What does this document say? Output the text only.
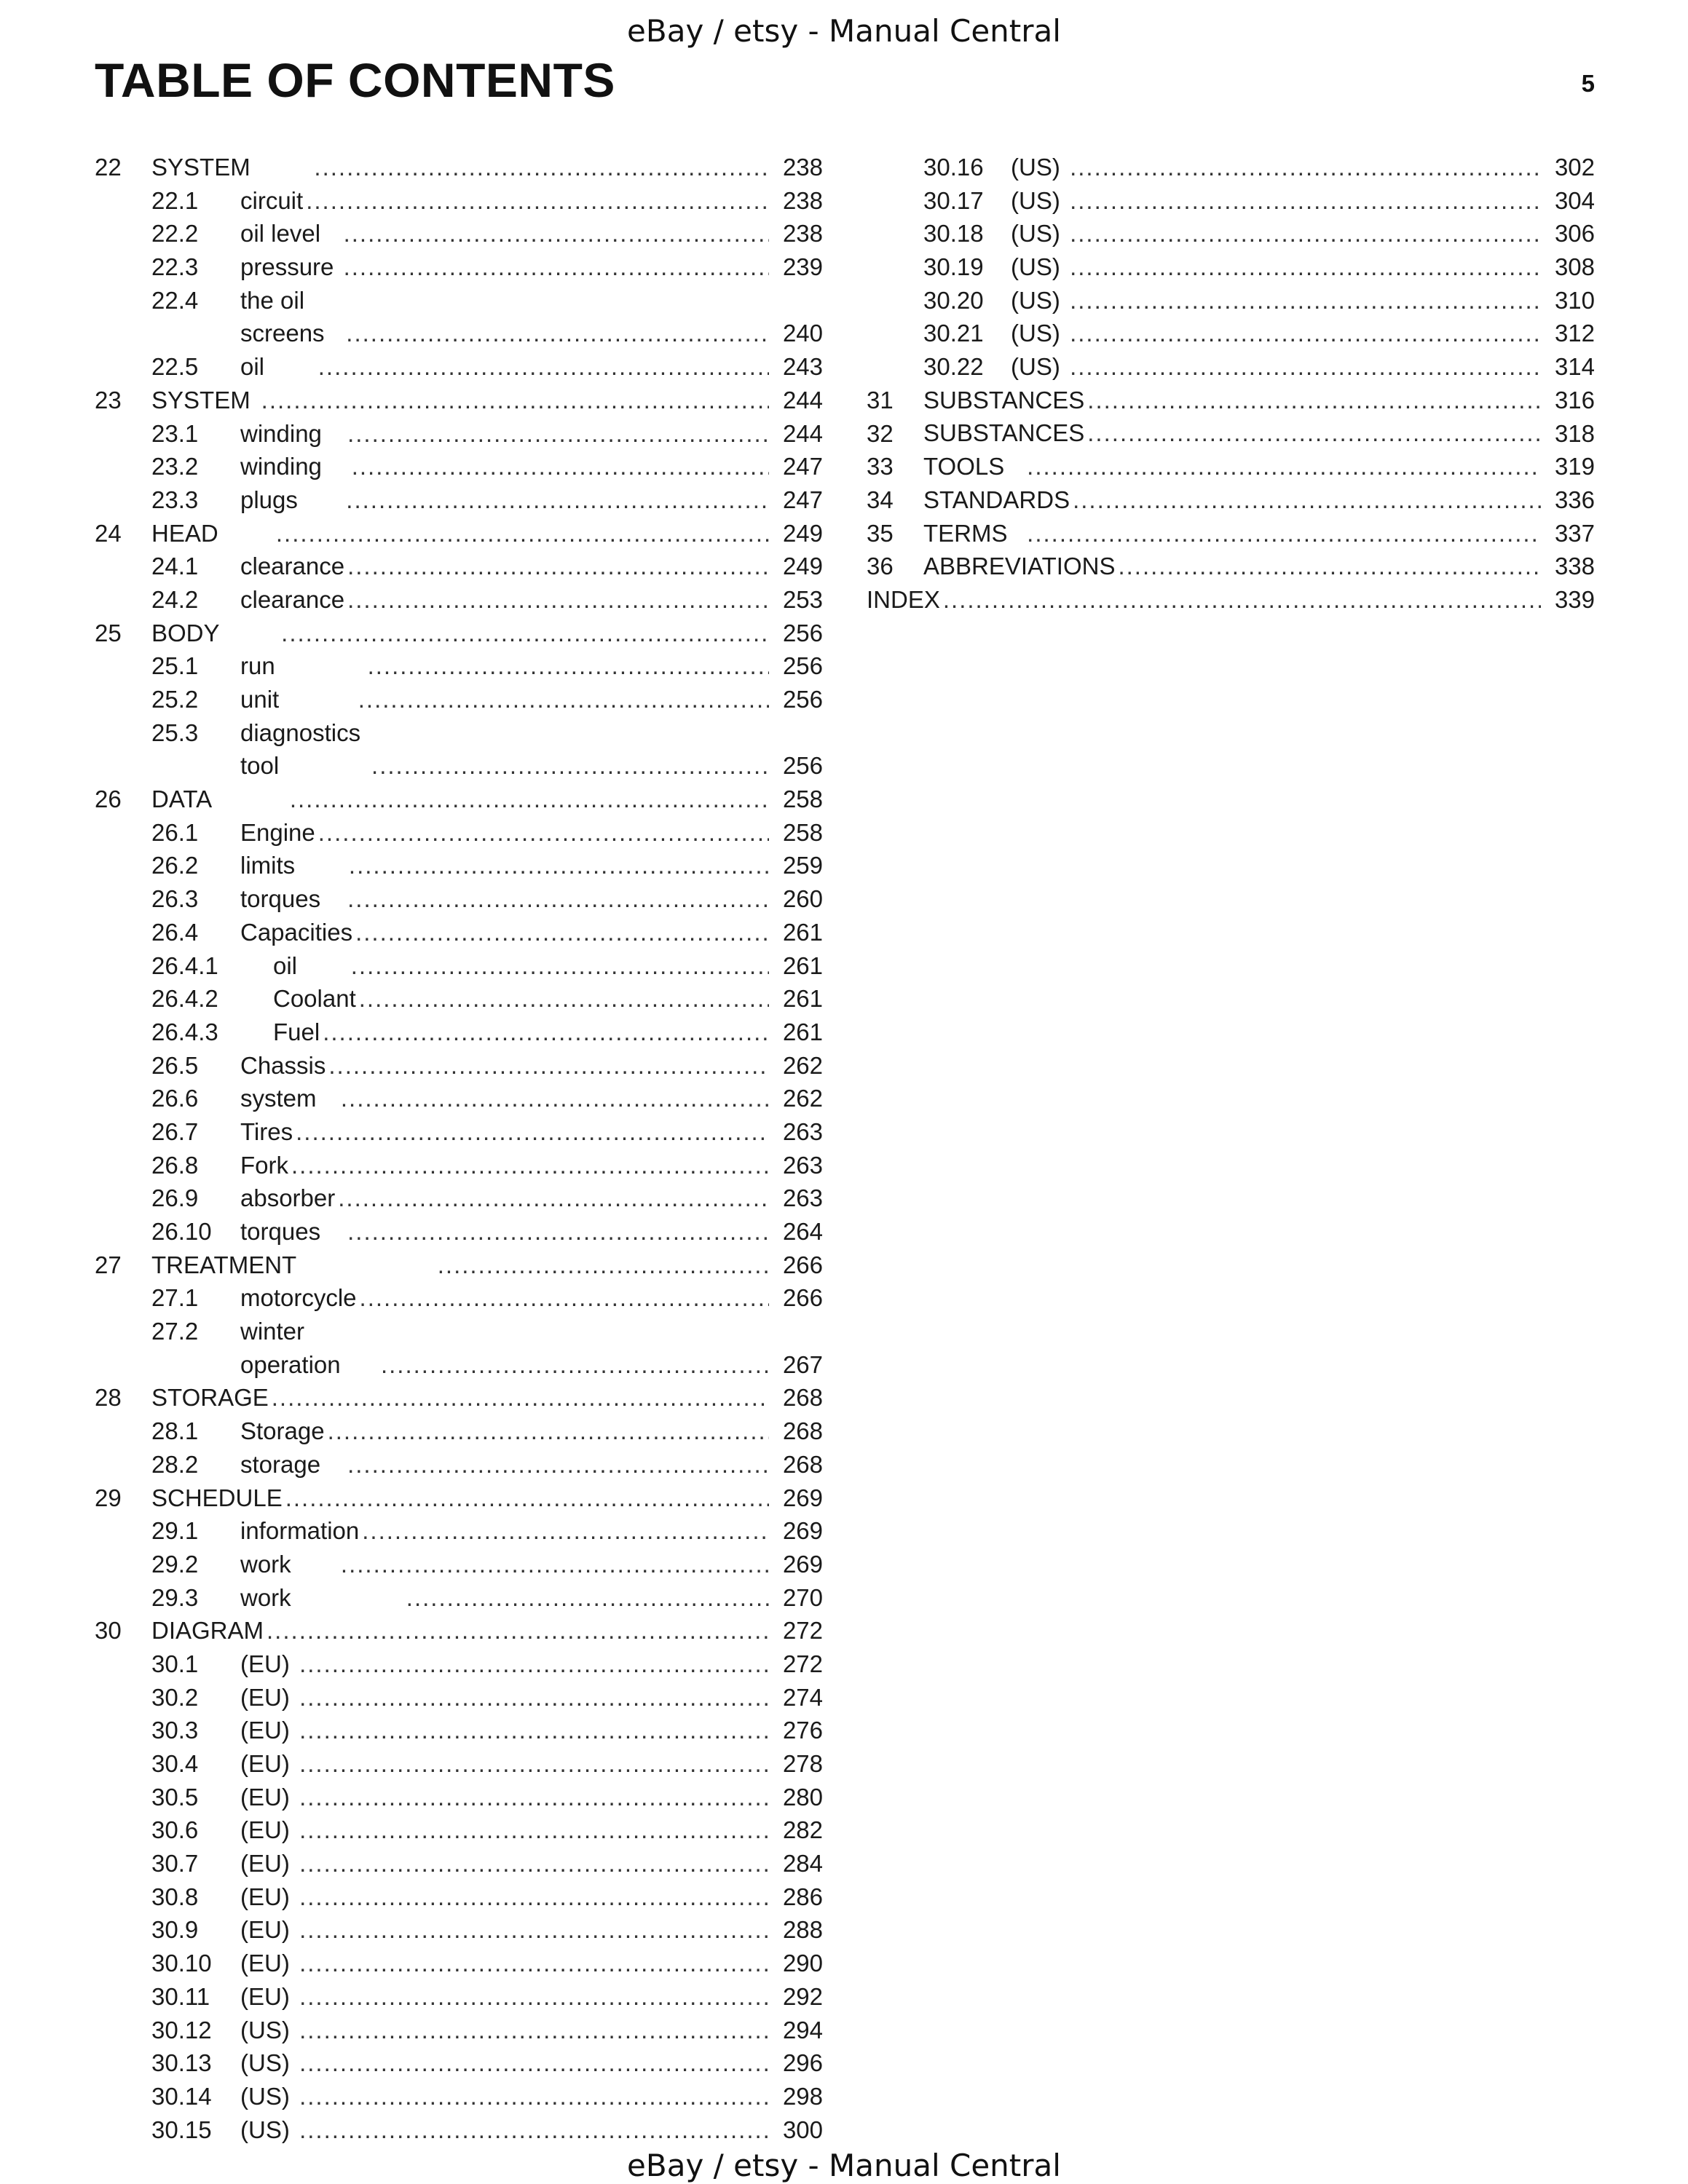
eBay / etsy - Manual Central
TABLE OF CONTENTS	5
22 SYSTEM .....	238
22.1 circuit .....	238
22.2 oil level .....	238
22.3 pressure .....	239
22.4
the oil screens .....	240
22.5 oil .....	243
23 SYSTEM .....	244
23.1 winding .....	244
23.2 winding .....	247
23.3 plugs .....	247
24 HEAD .....	249
24.1 clearance .....	249
24.2 clearance .....	253
25 BODY .....	256
25.1 run .....	256
25.2 unit .....	256
25.3
diagnostics tool .....	256
26 DATA .....	258
26.1 Engine .....	258
26.2 limits .....	259
26.3 torques .....	260
26.4 Capacities .....	261
26.4.1 oil .....	261
26.4.2 Coolant .....	261
26.4.3 Fuel .....	261
26.5 Chassis .....	262
26.6 system .....	262
26.7 Tires .....	263
26.8 Fork .....	263
26.9 absorber .....	263
26.10 torques .....	264
27 TREATMENT .....	266
27.1 motorcycle .....	266
27.2 winter
operation .....	267
28 STORAGE .....	268
28.1 Storage .....	268
28.2 storage .....	268
29 SCHEDULE .....	269
29.1 information .....	269
29.2 work .....	269
29.3 work .....	270
30 DIAGRAM .....	272
30.1 (EU) .....	272
30.2 (EU) .....	274
30.3 (EU) .....	276
30.4 (EU) .....	278
30.5 (EU) .....	280
30.6 (EU) .....	282
30.7 (EU) .....	284
30.8 (EU) .....	286
30.9 (EU) .....	288
30.10 (EU) .....	290
30.11 (EU) .....	292
30.12 (US) .....	294
30.13 (US) .....	296
30.14 (US) .....	298
30.15 (US) .....	300
30.16 (US) .....	302
30.17 (US) .....	304
30.18 (US) .....	306
30.19 (US) .....	308
30.20 (US) .....	310
30.21 (US) .....	312
30.22 (US) .....	314
31 SUBSTANCES .....	316
32 SUBSTANCES .....	318
33 TOOLS .....	319
34 STANDARDS .....	336
35 TERMS .....	337
36 ABBREVIATIONS .....	338
INDEX .....	339
eBay / etsy - Manual Central
